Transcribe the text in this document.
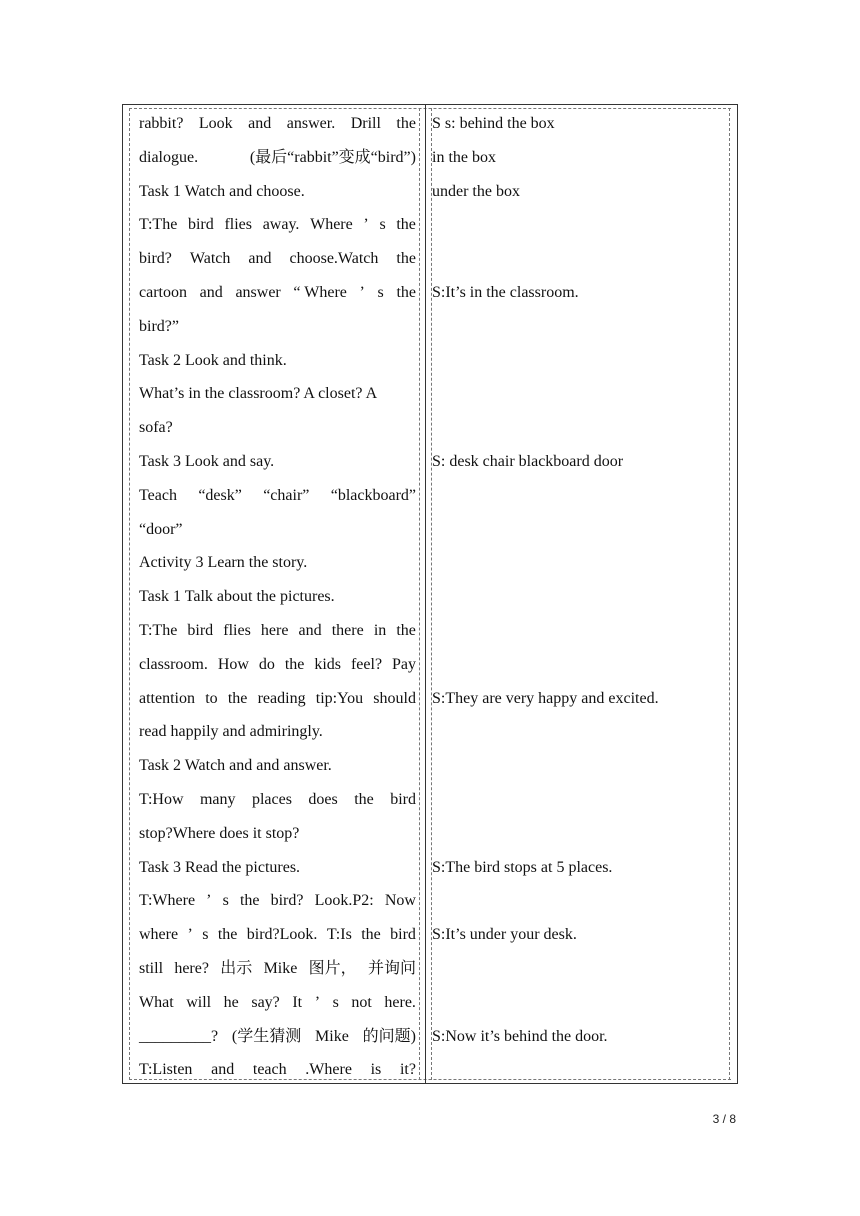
rabbit? Look and answer. Drill the
dialogue.	(最后“rabbit”变成“bird”)
Task 1 Watch and choose.
T:The bird flies away. Where ’ s the
bird? Watch and choose.Watch the
cartoon and answer “ Where ’ s the
bird?”
Task 2 Look and think.
What’s in the classroom? A closet? A
sofa?
Task 3 Look and say.
Teach “desk” “chair” “blackboard”
“door”
Activity 3 Learn the story.
Task 1 Talk about the pictures.
T:The bird flies here and there in the
classroom. How do the kids feel? Pay
attention to the reading tip:You should
read happily and admiringly.
Task 2 Watch and and answer.
T:How many places does the bird
stop?Where does it stop?
Task 3 Read the pictures.
T:Where ’ s the bird? Look.P2: Now
where ’ s the bird?Look. T:Is the bird
still here? 出示 Mike 图片， 并询问
What will he say? It ’ s not here.
_________? (学生猜测 Mike 的问题)
T:Listen and teach .Where is it?
S s: behind the box
in the box
under the box
S:It’s in the classroom.
S: desk chair blackboard door
S:They are very happy and excited.
S:The bird stops at 5 places.
S:It’s under your desk.
S:Now it’s behind the door.
3 / 8
